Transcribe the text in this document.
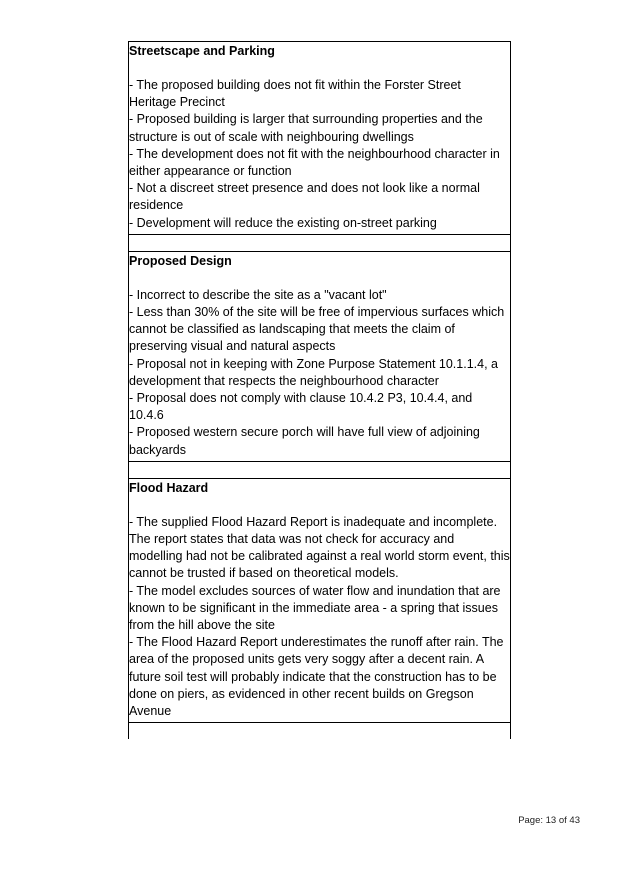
Streetscape and Parking

- The proposed building does not fit within the Forster Street Heritage Precinct

- Proposed building is larger that surrounding properties and the structure is out of scale with neighbouring dwellings

- The development does not fit with the neighbourhood character in either appearance or function

- Not a discreet street presence and does not look like a normal residence

- Development will reduce the existing on-street parking

Proposed Design

- Incorrect to describe the site as a "vacant lot"

- Less than 30% of the site will be free of impervious surfaces which cannot be classified as landscaping that meets the claim of preserving visual and natural aspects

- Proposal not in keeping with Zone Purpose Statement 10.1.1.4, a development that respects the neighbourhood character

- Proposal does not comply with clause 10.4.2 P3, 10.4.4, and 10.4.6

- Proposed western secure porch will have full view of adjoining backyards

Flood Hazard

- The supplied Flood Hazard Report is inadequate and incomplete. The report states that data was not check for accuracy and modelling had not be calibrated against a real world storm event, this cannot be trusted if based on theoretical models.

- The model excludes sources of water flow and inundation that are known to be significant in the immediate area - a spring that issues from the hill above the site

- The Flood Hazard Report underestimates the runoff after rain. The area of the proposed units gets very soggy after a decent rain. A future soil test will probably indicate that the construction has to be done on piers, as evidenced in other recent builds on Gregson Avenue

Page: 13 of 43
